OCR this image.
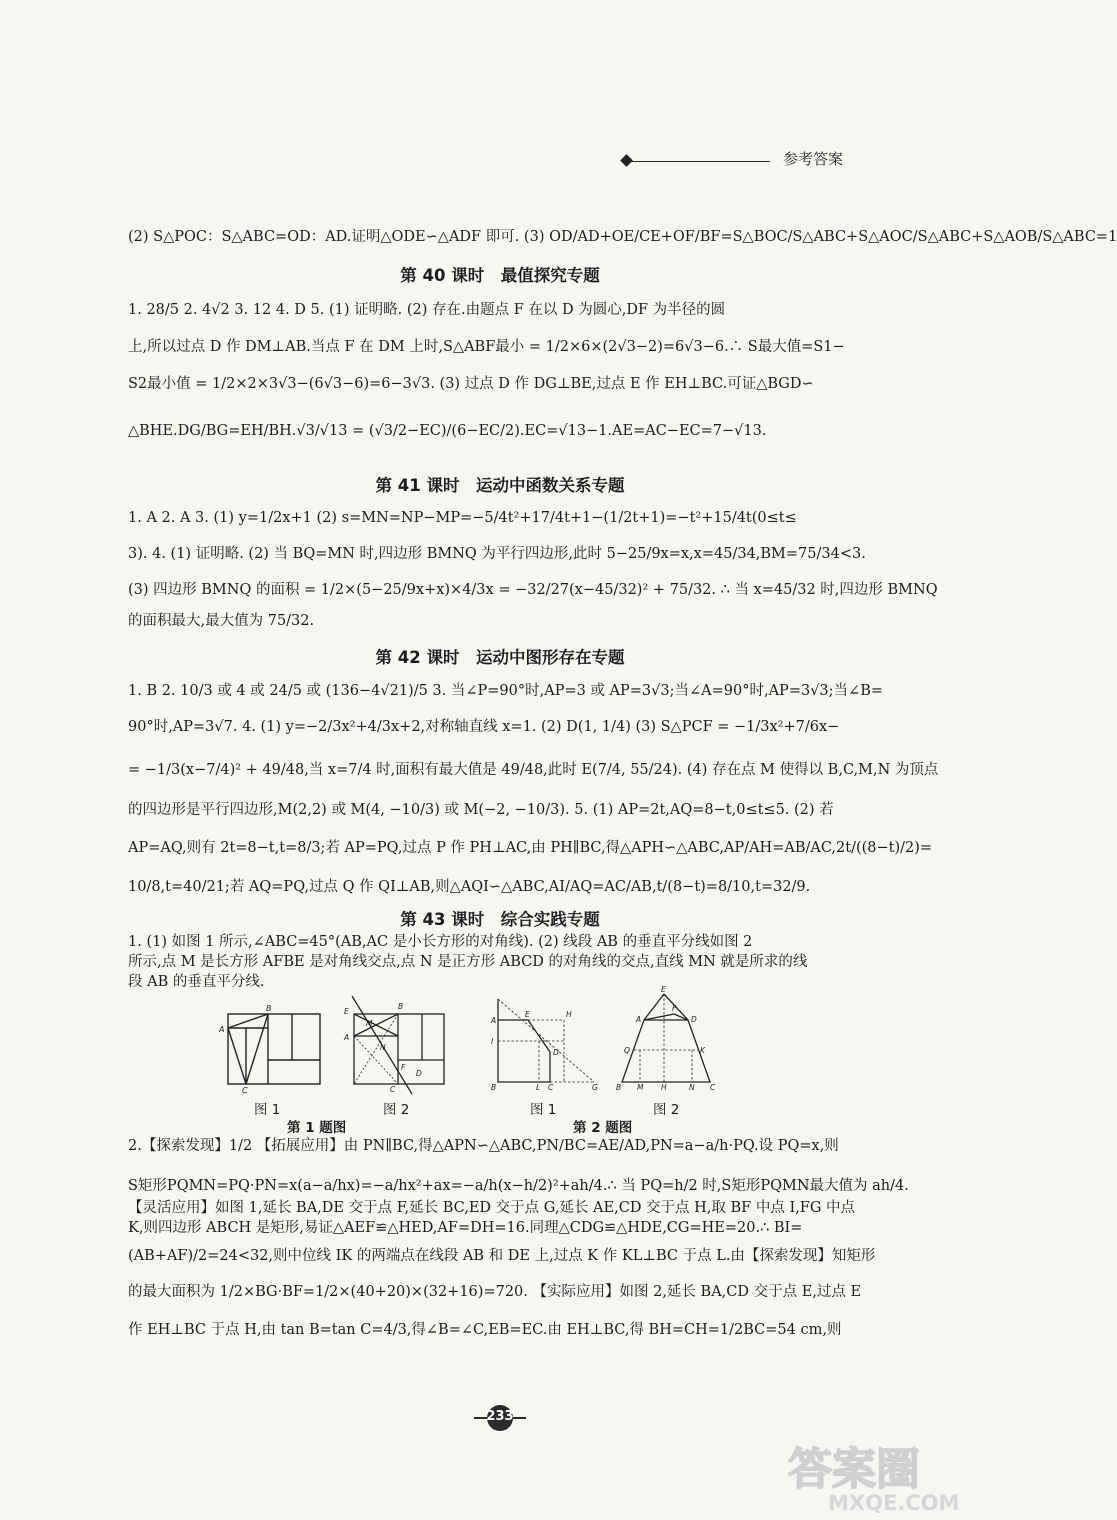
参考答案
(2) S△POC：S△ABC=OD：AD.证明△ODE∽△ADF 即可. (3) OD/AD+OE/CE+OF/BF=S△BOC/S△ABC+S△AOC/S△ABC+S△AOB/S△ABC=1
第 40 课时　最值探究专题
1. 28/5 2. 4√2 3. 12 4. D 5. (1) 证明略. (2) 存在.由题点 F 在以 D 为圆心,DF 为半径的圆
上,所以过点 D 作 DM⊥AB.当点 F 在 DM 上时,S△ABF最小 = 1/2×6×(2√3−2)=6√3−6.∴ S最大值=S1−
S2最小值 = 1/2×2×3√3−(6√3−6)=6−3√3. (3) 过点 D 作 DG⊥BE,过点 E 作 EH⊥BC.可证△BGD∽
△BHE.DG/BG=EH/BH.√3/√13 = (√3/2−EC)/(6−EC/2).EC=√13−1.AE=AC−EC=7−√13.
第 41 课时　运动中函数关系专题
1. A 2. A 3. (1) y=1/2x+1 (2) s=MN=NP−MP=−5/4t²+17/4t+1−(1/2t+1)=−t²+15/4t(0≤t≤
3). 4. (1) 证明略. (2) 当 BQ=MN 时,四边形 BMNQ 为平行四边形,此时 5−25/9x=x,x=45/34,BM=75/34<3.
(3) 四边形 BMNQ 的面积 = 1/2×(5−25/9x+x)×4/3x = −32/27(x−45/32)² + 75/32. ∴ 当 x=45/32 时,四边形 BMNQ
的面积最大,最大值为 75/32.
第 42 课时　运动中图形存在专题
1. B 2. 10/3 或 4 或 24/5 或 (136−4√21)/5 3. 当∠P=90°时,AP=3 或 AP=3√3;当∠A=90°时,AP=3√3;当∠B=
90°时,AP=3√7. 4. (1) y=−2/3x²+4/3x+2,对称轴直线 x=1. (2) D(1, 1/4) (3) S△PCF = −1/3x²+7/6x−
= −1/3(x−7/4)² + 49/48,当 x=7/4 时,面积有最大值是 49/48,此时 E(7/4, 55/24). (4) 存在点 M 使得以 B,C,M,N 为顶点
的四边形是平行四边形,M(2,2) 或 M(4, −10/3) 或 M(−2, −10/3). 5. (1) AP=2t,AQ=8−t,0≤t≤5. (2) 若
AP=AQ,则有 2t=8−t,t=8/3;若 AP=PQ,过点 P 作 PH⊥AC,由 PH∥BC,得△APH∽△ABC,AP/AH=AB/AC,2t/((8−t)/2)=
10/8,t=40/21;若 AQ=PQ,过点 Q 作 QI⊥AB,则△AQI∽△ABC,AI/AQ=AC/AB,t/(8−t)=8/10,t=32/9.
第 43 课时　综合实践专题
1. (1) 如图 1 所示,∠ABC=45°(AB,AC 是小长方形的对角线). (2) 线段 AB 的垂直平分线如图 2
所示,点 M 是长方形 AFBE 是对角线交点,点 N 是正方形 ABCD 的对角线的交点,直线 MN 就是所求的线
段 AB 的垂直平分线.
B
A
C
E
B
A
M
N
D
C
F
A
E	H
D
I
B	L C	G
E
A	D
F
Q	K
B M H	N C
图 1	图 2
第 1 题图
图 1	图 2
第 2 题图
2.【探索发现】1/2 【拓展应用】由 PN∥BC,得△APN∽△ABC,PN/BC=AE/AD,PN=a−a/h·PQ.设 PQ=x,则
S矩形PQMN=PQ·PN=x(a−a/hx)=−a/hx²+ax=−a/h(x−h/2)²+ah/4.∴ 当 PQ=h/2 时,S矩形PQMN最大值为 ah/4.
【灵活应用】如图 1,延长 BA,DE 交于点 F,延长 BC,ED 交于点 G,延长 AE,CD 交于点 H,取 BF 中点 I,FG 中点
K,则四边形 ABCH 是矩形,易证△AEF≌△HED,AF=DH=16.同理△CDG≌△HDE,CG=HE=20.∴ BI=
(AB+AF)/2=24<32,则中位线 IK 的两端点在线段 AB 和 DE 上,过点 K 作 KL⊥BC 于点 L.由【探索发现】知矩形
的最大面积为 1/2×BG·BF=1/2×(40+20)×(32+16)=720. 【实际应用】如图 2,延长 BA,CD 交于点 E,过点 E
作 EH⊥BC 于点 H,由 tan B=tan C=4/3,得∠B=∠C,EB=EC.由 EH⊥BC,得 BH=CH=1/2BC=54 cm,则
233
答案圈
MXQE.COM
